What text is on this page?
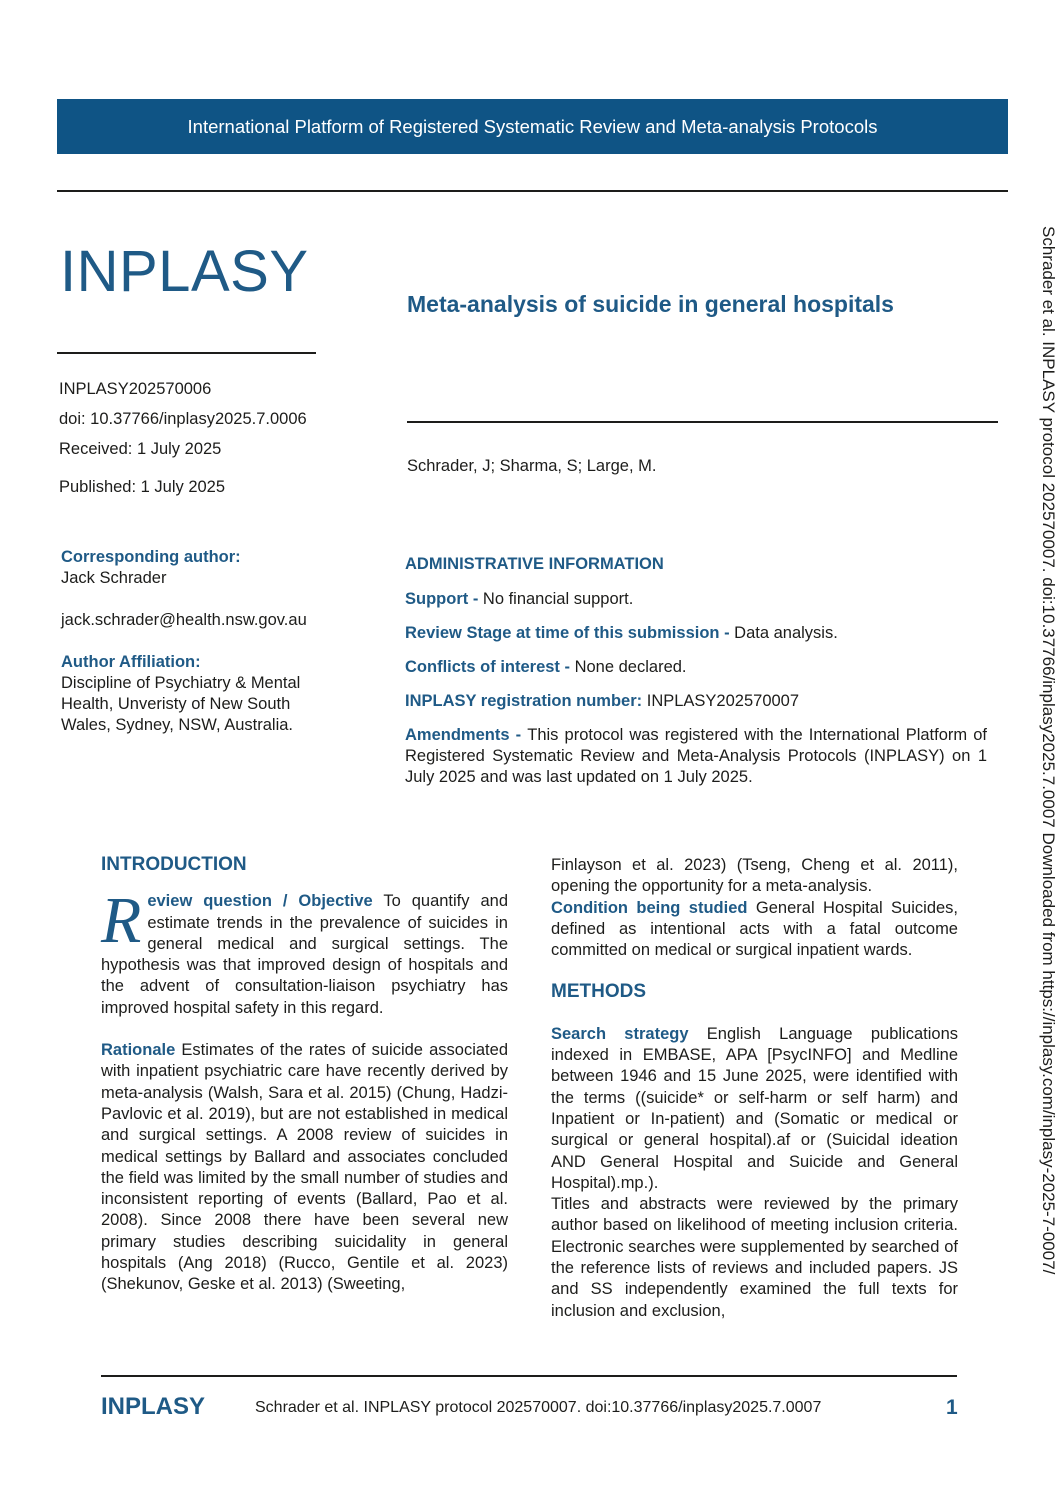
International Platform of Registered Systematic Review and Meta-analysis Protocols
INPLASY	Meta-analysis of suicide in general hospitals
INPLASY202570006
doi: 10.37766/inplasy2025.7.0006
Received: 1 July 2025
Published: 1 July 2025
Schrader, J; Sharma, S; Large, M.
Corresponding author:
Jack Schrader
jack.schrader@health.nsw.gov.au
Author Affiliation:
Discipline of Psychiatry & Mental Health, Unveristy of New South Wales, Sydney, NSW, Australia.

ADMINISTRATIVE INFORMATION

Support - No financial support.

Review Stage at time of this submission - Data analysis.

Conflicts of interest - None declared.

INPLASY registration number: INPLASY202570007

Amendments - This protocol was registered with the International Platform of Registered Systematic Review and Meta-Analysis Protocols (INPLASY) on 1 July 2025 and was last updated on 1 July 2025.

INTRODUCTION

Review question / Objective To quantify and estimate trends in the prevalence of suicides in general medical and surgical settings. The hypothesis was that improved design of hospitals and the advent of consultation-liaison psychiatry has improved hospital safety in this regard.

Rationale Estimates of the rates of suicide associated with inpatient psychiatric care have recently derived by meta-analysis (Walsh, Sara et al. 2015) (Chung, Hadzi-Pavlovic et al. 2019), but are not established in medical and surgical settings. A 2008 review of suicides in medical settings by Ballard and associates concluded the field was limited by the small number of studies and inconsistent reporting of events (Ballard, Pao et al. 2008). Since 2008 there have been several new primary studies describing suicidality in general hospitals (Ang 2018) (Rucco, Gentile et al. 2023) (Shekunov, Geske et al. 2013) (Sweeting,

Finlayson et al. 2023) (Tseng, Cheng et al. 2011), opening the opportunity for a meta-analysis.

Condition being studied General Hospital Suicides, defined as intentional acts with a fatal outcome committed on medical or surgical inpatient wards.

METHODS

Search strategy English Language publications indexed in EMBASE, APA [PsycINFO] and Medline between 1946 and 15 June 2025, were identified with the terms ((suicide* or self-harm or self harm) and Inpatient or In-patient) and (Somatic or medical or surgical or general hospital).af or (Suicidal ideation AND General Hospital and Suicide and General Hospital).mp.).

Titles and abstracts were reviewed by the primary author based on likelihood of meeting inclusion criteria. Electronic searches were supplemented by searched of the reference lists of reviews and included papers. JS and SS independently examined the full texts for inclusion and exclusion,

INPLASY	Schrader et al. INPLASY protocol 202570007. doi:10.37766/inplasy2025.7.0007	1
Schrader et al. INPLASY protocol 202570007. doi:10.37766/inplasy2025.7.0007 Downloaded from https://inplasy.com/inplasy-2025-7-0007/
